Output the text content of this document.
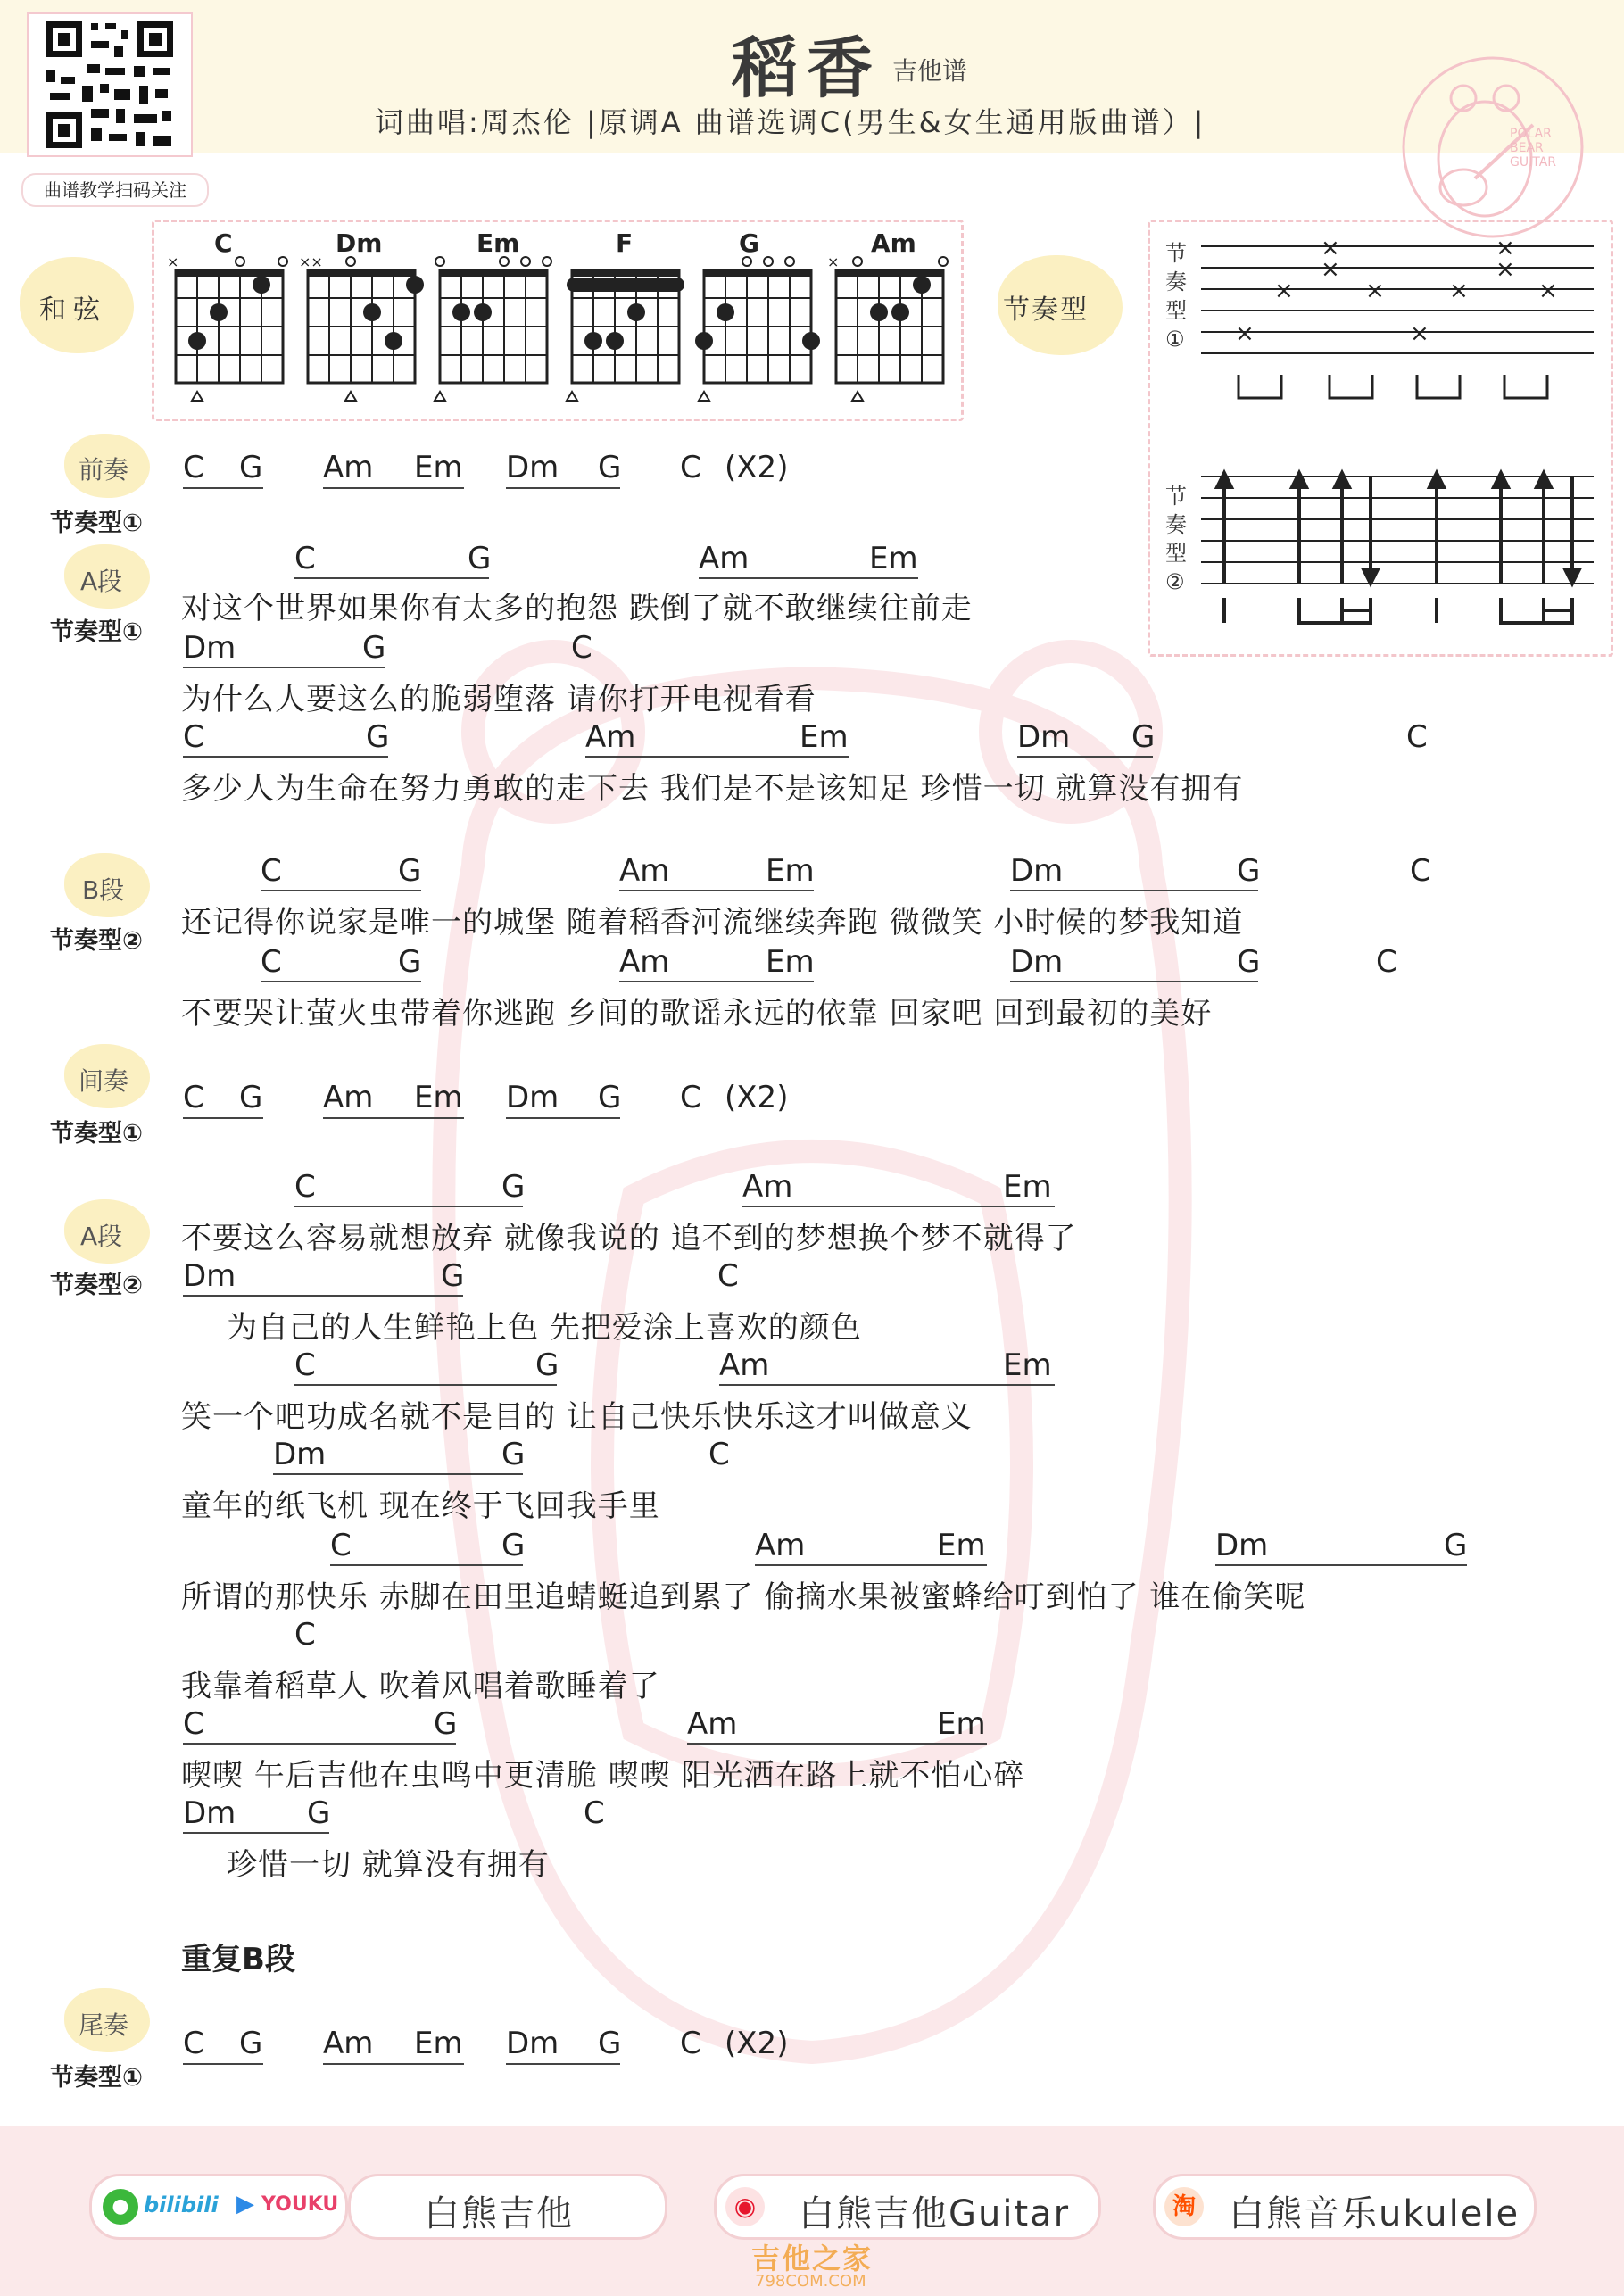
曲谱教学扫码关注
稻香 吉他谱
词曲唱:周杰伦 |原调A 曲谱选调C(男生&女生通用版曲谱）|	POLAR
BEAR
GUITAR
和弦
×	××	×
C	Dm	Em	F	G	Am
节奏型
节
奏
型
① ×
×
×
×
×
×
×
×
×
×
节
奏
型
②
前奏
节奏型①
C G Am Em Dm G C (X2)
A段
节奏型①
C	G	Am	Em
对这个世界如果你有太多的抱怨 跌倒了就不敢继续往前走
Dm	G	C
为什么人要这么的脆弱堕落 请你打开电视看看
C	G	Am	Em	Dm G	C
多少人为生命在努力勇敢的走下去 我们是不是该知足 珍惜一切 就算没有拥有
B段
节奏型②
C	G	Am	Em	Dm	G	C
还记得你说家是唯一的城堡 随着稻香河流继续奔跑 微微笑 小时候的梦我知道
C	G	Am	Em	Dm	G	C
不要哭让萤火虫带着你逃跑 乡间的歌谣永远的依靠 回家吧 回到最初的美好
间奏
节奏型①
C G Am Em Dm G C (X2)
A段
节奏型②
C	G	Am	Em
不要这么容易就想放弃 就像我说的 追不到的梦想换个梦不就得了
Dm	G	C
为自己的人生鲜艳上色 先把爱涂上喜欢的颜色
C	G	Am	Em
笑一个吧功成名就不是目的 让自己快乐快乐这才叫做意义
Dm	G	C
童年的纸飞机 现在终于飞回我手里
C	G	Am	Em	Dm	G
所谓的那快乐 赤脚在田里追蜻蜓追到累了 偷摘水果被蜜蜂给叮到怕了 谁在偷笑呢
C
我靠着稻草人 吹着风唱着歌睡着了
C	G	Am	Em
喫喫 午后吉他在虫鸣中更清脆 喫喫 阳光洒在路上就不怕心碎
Dm G	C
珍惜一切 就算没有拥有
重复B段
尾奏
节奏型①
C G Am Em Dm G C (X2)
● bilibili ▶ YOUKU 白熊吉他	◉ 白熊吉他Guitar	淘 白熊音乐ukulele
吉他之家
798COM.COM
